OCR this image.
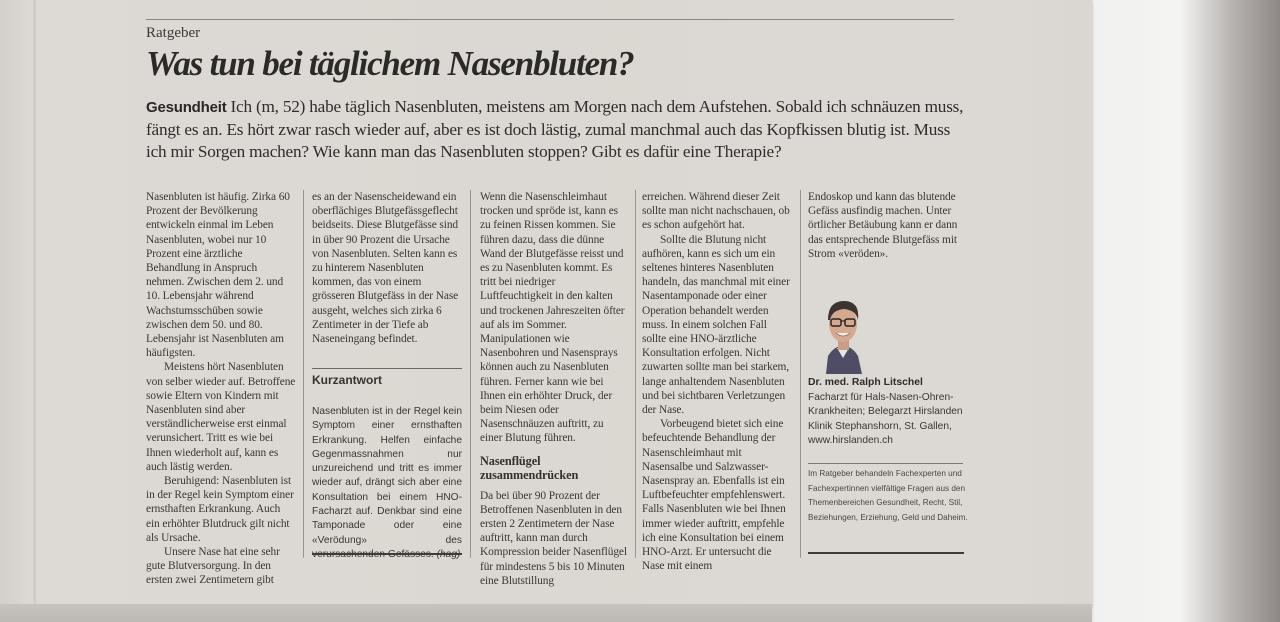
Ratgeber
Was tun bei täglichem Nasenbluten?
Gesundheit Ich (m, 52) habe täglich Nasenbluten, meistens am Morgen nach dem Aufstehen. Sobald ich schnäuzen muss, fängt es an. Es hört zwar rasch wieder auf, aber es ist doch lästig, zumal manchmal auch das Kopfkissen blutig ist. Muss ich mir Sorgen machen? Wie kann man das Nasenbluten stoppen? Gibt es dafür eine Therapie?

Nasenbluten ist häufig. Zirka 60 Prozent der Bevölkerung entwickeln einmal im Leben Nasenbluten, wobei nur 10 Prozent eine ärztliche Behandlung in Anspruch nehmen. Zwischen dem 2. und 10. Lebensjahr während Wachstumsschüben sowie zwischen dem 50. und 80. Lebensjahr ist Nasenbluten am häufigsten.

Meistens hört Nasenbluten von selber wieder auf. Betroffene sowie Eltern von Kindern mit Nasenbluten sind aber verständlicherweise erst einmal verunsichert. Tritt es wie bei Ihnen wiederholt auf, kann es auch lästig werden.

Beruhigend: Nasenbluten ist in der Regel kein Symptom einer ernsthaften Erkrankung. Auch ein erhöhter Blutdruck gilt nicht als Ursache.

Unsere Nase hat eine sehr gute Blutversorgung. In den ersten zwei Zentimetern gibt

es an der Nasenscheidewand ein oberflächiges Blutgefässgeflecht beidseits. Diese Blutgefässe sind in über 90 Prozent die Ursache von Nasenbluten. Selten kann es zu hinterem Nasenbluten kommen, das von einem grösseren Blutgefäss in der Nase ausgeht, welches sich zirka 6 Zentimeter in der Tiefe ab Naseneingang befindet.

Kurzantwort
Nasenbluten ist in der Regel kein Symptom einer ernsthaften Erkrankung. Helfen einfache Gegenmassnahmen nur unzureichend und tritt es immer wieder auf, drängt sich aber eine Konsultation bei einem HNO-Facharzt auf. Denkbar sind eine Tamponade oder eine «Verödung» des

Wenn die Nasenschleimhaut trocken und spröde ist, kann es zu feinen Rissen kommen. Sie führen dazu, dass die dünne Wand der Blutgefässe reisst und es zu Nasenbluten kommt. Es tritt bei niedriger Luftfeuchtigkeit in den kalten und trockenen Jahreszeiten öfter auf als im Sommer. Manipulationen wie Nasenbohren und Nasensprays können auch zu Nasenbluten führen. Ferner kann wie bei Ihnen ein erhöhter Druck, der beim Niesen oder Nasenschnäuzen auftritt, zu einer Blutung führen.

Nasenflügel zusammendrücken

Da bei über 90 Prozent der Betroffenen Nasenbluten in den ersten 2 Zentimetern der Nase auftritt, kann man durch Kompression beider Nasenflügel für mindestens 5 bis 10 Minuten eine Blutstillung

erreichen. Während dieser Zeit sollte man nicht nachschauen, ob es schon aufgehört hat.

Sollte die Blutung nicht aufhören, kann es sich um ein seltenes hinteres Nasenbluten handeln, das manchmal mit einer Nasentamponade oder einer Operation behandelt werden muss. In einem solchen Fall sollte eine HNO-ärztliche Konsultation erfolgen. Nicht zuwarten sollte man bei starkem, lange anhaltendem Nasenbluten und bei sichtbaren Verletzungen der Nase.

Vorbeugend bietet sich eine befeuchtende Behandlung der Nasenschleimhaut mit Nasensalbe und Salzwasser-Nasenspray an. Ebenfalls ist ein Luftbefeuchter empfehlenswert. Falls Nasenbluten wie bei Ihnen immer wieder auftritt, empfehle ich eine Konsultation bei einem HNO-Arzt. Er untersucht die Nase mit einem

Endoskop und kann das blutende Gefäss ausfindig machen. Unter örtlicher Betäubung kann er dann das entsprechende Blutgefäss mit Strom «veröden».

Dr. med. Ralph Litschel
Facharzt für Hals-Nasen-Ohren-Krankheiten; Belegarzt Hirslanden Klinik Stephanshorn, St. Gallen, www.hirslanden.ch
Im Ratgeber behandeln Fachexperten und Fachexpertinnen vielfältige Fragen aus den Themenbereichen Gesundheit, Recht, Stil, Beziehungen, Erziehung, Geld und Daheim.
